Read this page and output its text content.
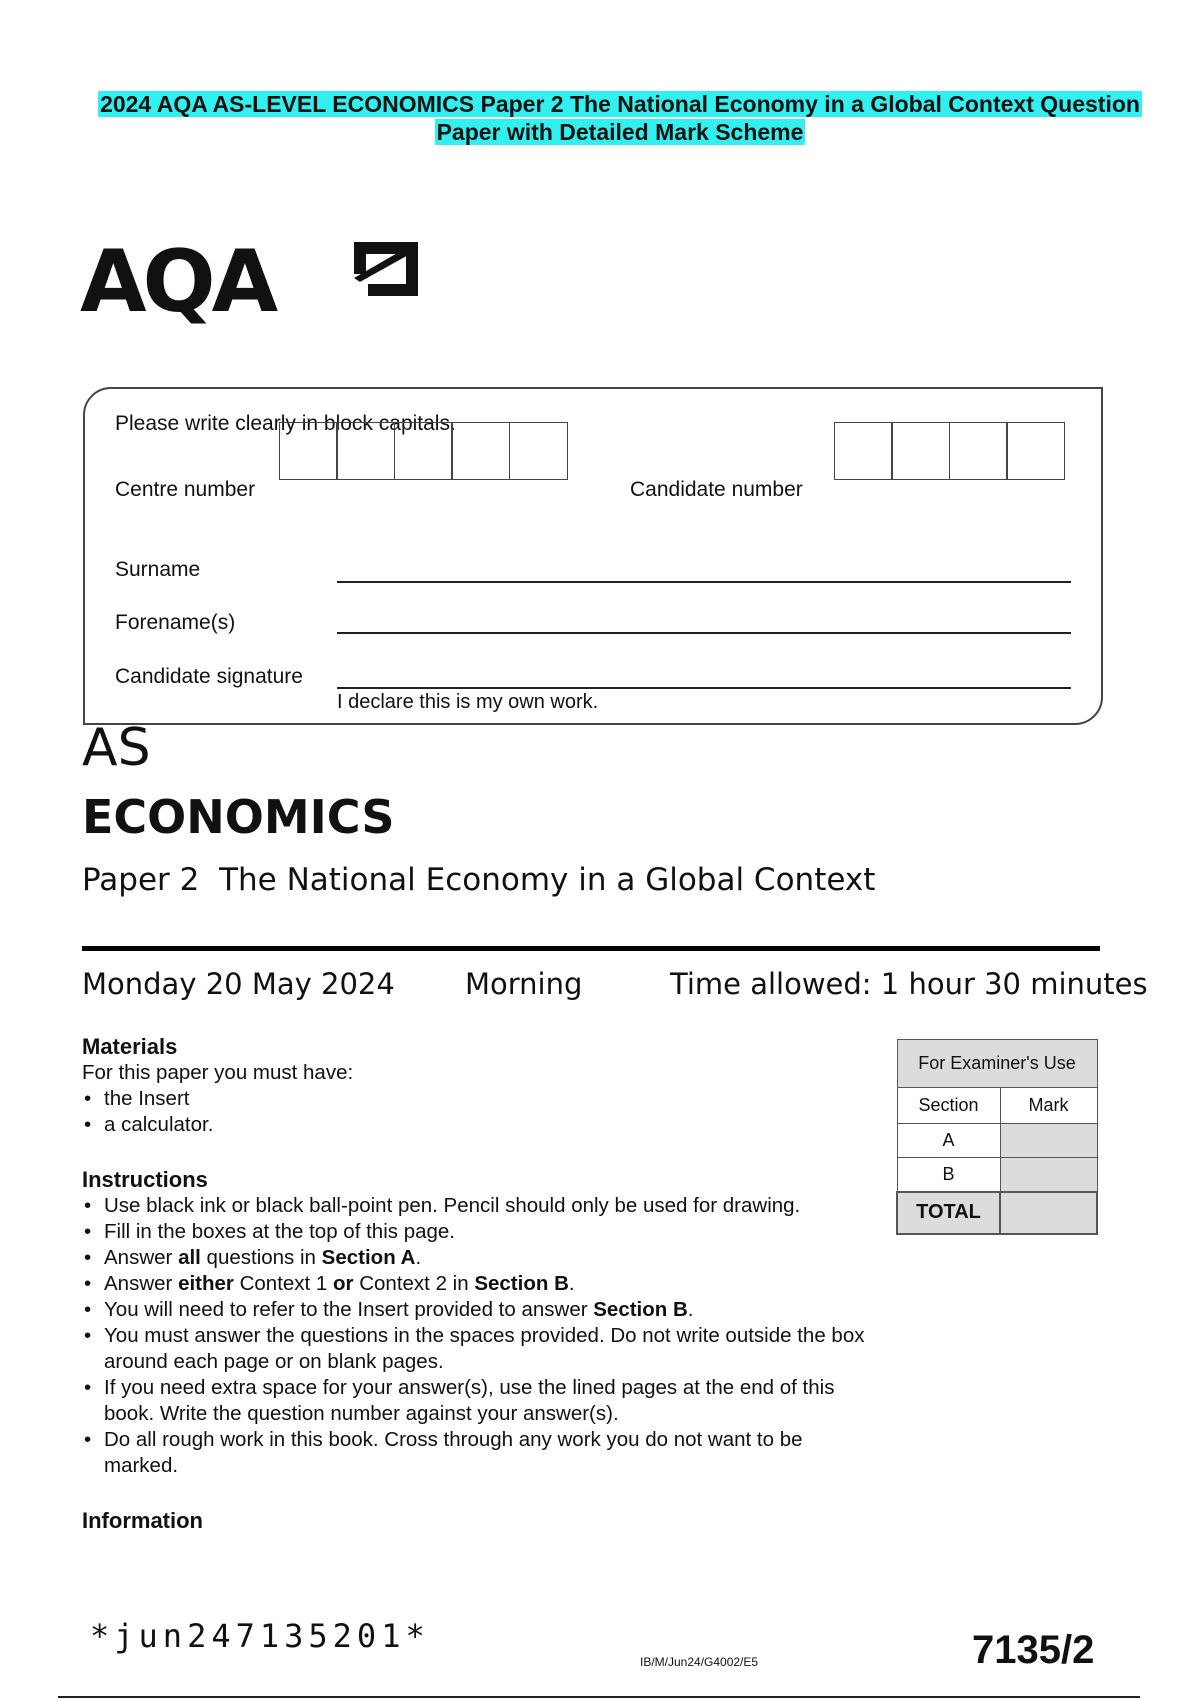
2024 AQA AS-LEVEL ECONOMICS Paper 2 The National Economy in a Global Context Question
Paper with Detailed Mark Scheme
AQA
Please write clearly in block capitals.
Centre number	Candidate number
Surname
Forename(s)
Candidate signature
I declare this is my own work.
AS
ECONOMICS
Paper 2  The National Economy in a Global Context
Monday 20 May 2024 Morning	Time allowed: 1 hour 30 minutes
Materials
For this paper you must have:
• the Insert
• a calculator.
Instructions
• Use black ink or black ball-point pen. Pencil should only be used for drawing.
• Fill in the boxes at the top of this page.
• Answer all questions in Section A.
• Answer either Context 1 or Context 2 in Section B.
• You will need to refer to the Insert provided to answer Section B.
• You must answer the questions in the spaces provided. Do not write outside the box around each page or on blank pages.
• If you need extra space for your answer(s), use the lined pages at the end of this book. Write the question number against your answer(s).
• Do all rough work in this book. Cross through any work you do not want to be marked.
Information
For Examiner's Use	
Section	Mark
A	
B	
TOTAL	
*jun247135201*
IB/M/Jun24/G4002/E5	7135/2
